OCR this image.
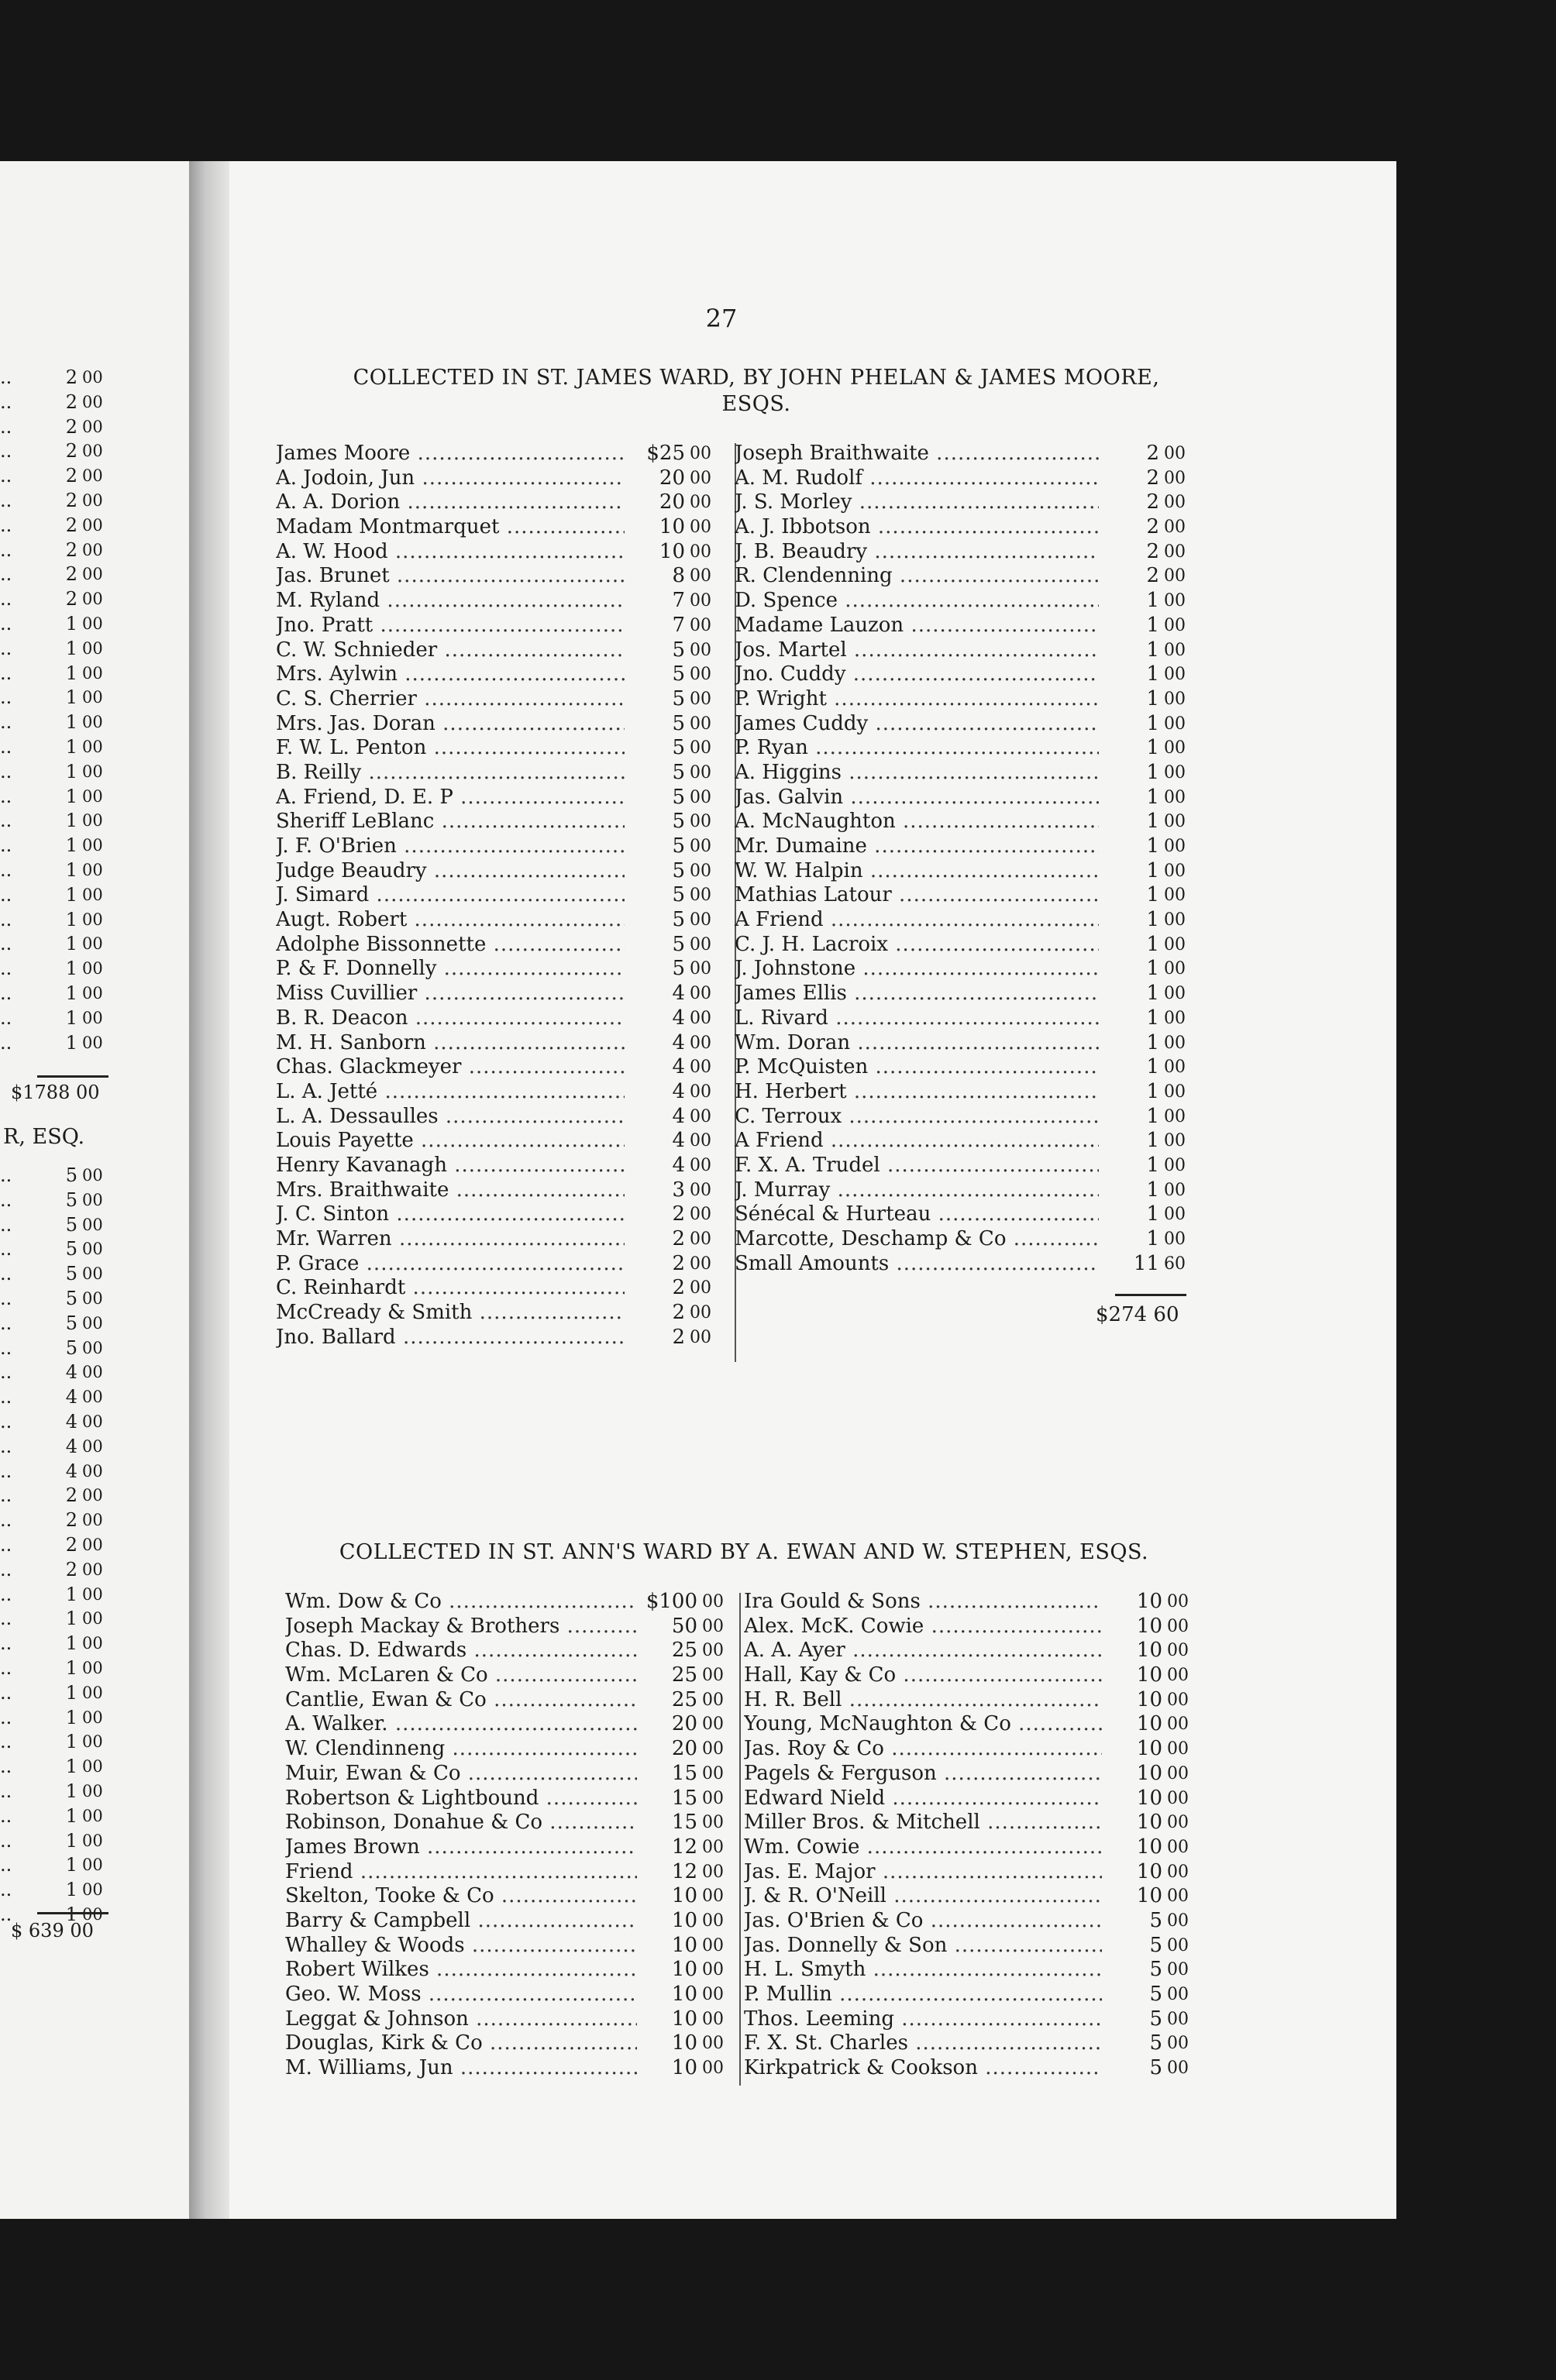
..	2 00
..	2 00
..	2 00
..	2 00
..	2 00
..	2 00
..	2 00
..	2 00
..	2 00
..	2 00
..	1 00
..	1 00
..	1 00
..	1 00
..	1 00
..	1 00
..	1 00
..	1 00
..	1 00
..	1 00
..	1 00
..	1 00
..	1 00
..	1 00
..	1 00
..	1 00
..	1 00
..	1 00
$1788 00
R, ESQ.
..	5 00
..	5 00
..	5 00
..	5 00
..	5 00
..	5 00
..	5 00
..	5 00
..	4 00
..	4 00
..	4 00
..	4 00
..	4 00
..	2 00
..	2 00
..	2 00
..	2 00
..	1 00
..	1 00
..	1 00
..	1 00
..	1 00
..	1 00
..	1 00
..	1 00
..	1 00
..	1 00
..	1 00
..	1 00
..	1 00
..	1 00
$ 639 00
27
COLLECTED IN ST. JAMES WARD, BY JOHN PHELAN & JAMES MOORE,
ESQS.
James Moore .....	$25 00
A. Jodoin, Jun .....	20 00
A. A. Dorion .....	20 00
Madam Montmarquet .....	10 00
A. W. Hood .....	10 00
Jas. Brunet .....	8 00
M. Ryland .....	7 00
Jno. Pratt .....	7 00
C. W. Schnieder .....	5 00
Mrs. Aylwin .....	5 00
C. S. Cherrier .....	5 00
Mrs. Jas. Doran .....	5 00
F. W. L. Penton .....	5 00
B. Reilly .....	5 00
A. Friend, D. E. P .....	5 00
Sheriff LeBlanc .....	5 00
J. F. O'Brien .....	5 00
Judge Beaudry .....	5 00
J. Simard .....	5 00
Augt. Robert .....	5 00
Adolphe Bissonnette .....	5 00
P. & F. Donnelly .....	5 00
Miss Cuvillier .....	4 00
B. R. Deacon .....	4 00
M. H. Sanborn .....	4 00
Chas. Glackmeyer .....	4 00
L. A. Jetté .....	4 00
L. A. Dessaulles .....	4 00
Louis Payette .....	4 00
Henry Kavanagh .....	4 00
Mrs. Braithwaite .....	3 00
J. C. Sinton .....	2 00
Mr. Warren .....	2 00
P. Grace .....	2 00
C. Reinhardt .....	2 00
McCready & Smith .....	2 00
Jno. Ballard .....	2 00
Joseph Braithwaite .....	2 00
A. M. Rudolf .....	2 00
J. S. Morley .....	2 00
A. J. Ibbotson .....	2 00
J. B. Beaudry .....	2 00
R. Clendenning .....	2 00
D. Spence .....	1 00
Madame Lauzon .....	1 00
Jos. Martel .....	1 00
Jno. Cuddy .....	1 00
P. Wright .....	1 00
James Cuddy .....	1 00
P. Ryan .....	1 00
A. Higgins .....	1 00
Jas. Galvin .....	1 00
A. McNaughton .....	1 00
Mr. Dumaine .....	1 00
W. W. Halpin .....	1 00
Mathias Latour .....	1 00
A Friend .....	1 00
C. J. H. Lacroix .....	1 00
J. Johnstone .....	1 00
James Ellis .....	1 00
L. Rivard .....	1 00
Wm. Doran .....	1 00
P. McQuisten .....	1 00
H. Herbert .....	1 00
C. Terroux .....	1 00
A Friend .....	1 00
F. X. A. Trudel .....	1 00
J. Murray .....	1 00
Sénécal & Hurteau .....	1 00
Marcotte, Deschamp & Co .....	1 00
Small Amounts .....	11 60
$274 60
COLLECTED IN ST. ANN'S WARD BY A. EWAN AND W. STEPHEN, ESQS.
Wm. Dow & Co .....	$100 00
Joseph Mackay & Brothers .....	50 00
Chas. D. Edwards .....	25 00
Wm. McLaren & Co .....	25 00
Cantlie, Ewan & Co .....	25 00
A. Walker. .....	20 00
W. Clendinneng .....	20 00
Muir, Ewan & Co .....	15 00
Robertson & Lightbound .....	15 00
Robinson, Donahue & Co .....	15 00
James Brown .....	12 00
Friend .....	12 00
Skelton, Tooke & Co .....	10 00
Barry & Campbell .....	10 00
Whalley & Woods .....	10 00
Robert Wilkes .....	10 00
Geo. W. Moss .....	10 00
Leggat & Johnson .....	10 00
Douglas, Kirk & Co .....	10 00
M. Williams, Jun .....	10 00
Ira Gould & Sons .....	10 00
Alex. McK. Cowie .....	10 00
A. A. Ayer .....	10 00
Hall, Kay & Co .....	10 00
H. R. Bell .....	10 00
Young, McNaughton & Co .....	10 00
Jas. Roy & Co .....	10 00
Pagels & Ferguson .....	10 00
Edward Nield .....	10 00
Miller Bros. & Mitchell .....	10 00
Wm. Cowie .....	10 00
Jas. E. Major .....	10 00
J. & R. O'Neill .....	10 00
Jas. O'Brien & Co .....	5 00
Jas. Donnelly & Son .....	5 00
H. L. Smyth .....	5 00
P. Mullin .....	5 00
Thos. Leeming .....	5 00
F. X. St. Charles .....	5 00
Kirkpatrick & Cookson .....	5 00
